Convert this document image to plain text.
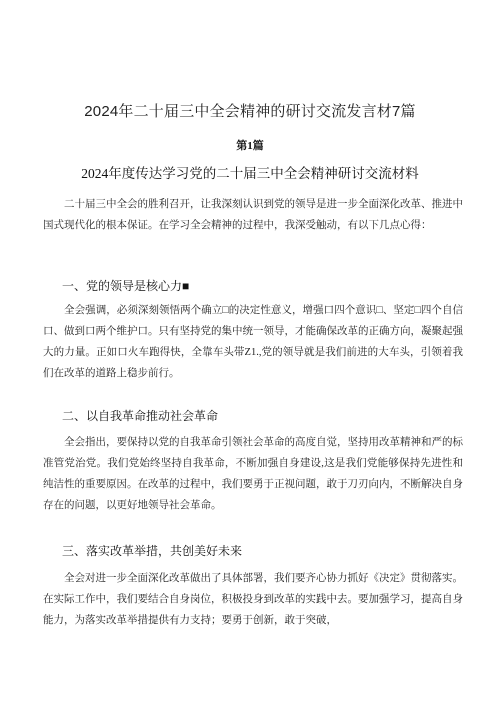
2024年二十届三中全会精神的研讨交流发言材7篇
第1篇
2024年度传达学习党的二十届三中全会精神研讨交流材料
二十届三中全会的胜利召开，让我深刻认识到党的领导是进一步全面深化改革、推进中国式现代化的根本保证。在学习全会精神的过程中，我深受触动，有以下几点心得：
一、党的领导是核心力■
全会强调，必须深刻领悟两个确立□的决定性意义，增强口四个意识□、坚定□四个自信口、做到口两个维护口。只有坚持党的集中统一领导，才能确保改革的正确方向，凝聚起强大的力量。正如口火车跑得快，全靠车头带Z1.,党的领导就是我们前进的大车头，引领着我们在改革的道路上稳步前行。
二、以自我革命推动社会革命
全会指出，要保持以党的自我革命引领社会革命的高度自觉，坚持用改革精神和严的标准管党治党。我们党始终坚持自我革命，不断加强自身建设,这是我们党能够保持先进性和纯洁性的重要原因。在改革的过程中，我们要勇于正视问题，敢于刀刃向内，不断解决自身存在的问题，以更好地领导社会革命。
三、落实改革举措，共创美好未来
全会对进一步全面深化改革做出了具体部署，我们要齐心协力抓好《决定》贯彻落实。在实际工作中，我们要结合自身岗位，积极投身到改革的实践中去。要加强学习，提高自身能力，为落实改革举措提供有力支持；要勇于创新，敢于突破，
